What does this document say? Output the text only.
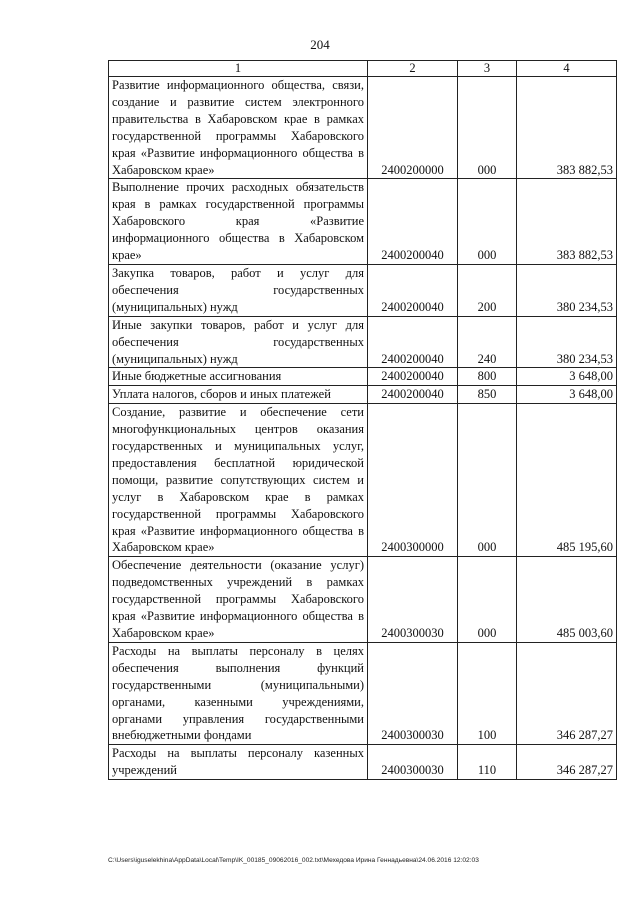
204
1	2	3	4
Развитие информационного общества, связи, создание и развитие систем электронного правительства в Хабаровском крае в рамках государственной программы Хабаровского края «Развитие информационного общества в Хабаровском крае»	2400200000	000	383 882,53
Выполнение прочих расходных обязательств края в рамках государственной программы Хабаровского края «Развитие информационного общества в Хабаровском крае»	2400200040	000	383 882,53
Закупка товаров, работ и услуг для обеспечения государственных (муниципальных) нужд	2400200040	200	380 234,53
Иные закупки товаров, работ и услуг для обеспечения государственных (муниципальных) нужд	2400200040	240	380 234,53
Иные бюджетные ассигнования	2400200040	800	3 648,00
Уплата налогов, сборов и иных платежей	2400200040	850	3 648,00
Создание, развитие и обеспечение сети многофункциональных центров оказания государственных и муниципальных услуг, предоставления бесплатной юридической помощи, развитие сопутствующих систем и услуг в Хабаровском крае в рамках государственной программы Хабаровского края «Развитие информационного общества в Хабаровском крае»	2400300000	000	485 195,60
Обеспечение деятельности (оказание услуг) подведомственных учреждений в рамках государственной программы Хабаровского края «Развитие информационного общества в Хабаровском крае»	2400300030	000	485 003,60
Расходы на выплаты персоналу в целях обеспечения выполнения функций государственными (муниципальными) органами, казенными учреждениями, органами управления государственными внебюджетными фондами	2400300030	100	346 287,27
Расходы на выплаты персоналу казенных учреждений	2400300030	110	346 287,27
C:\Users\iguselekhina\AppData\Local\Temp\IK_00185_09062016_002.txt\Мехедова Ирина Геннадьевна\24.06.2016 12:02:03
